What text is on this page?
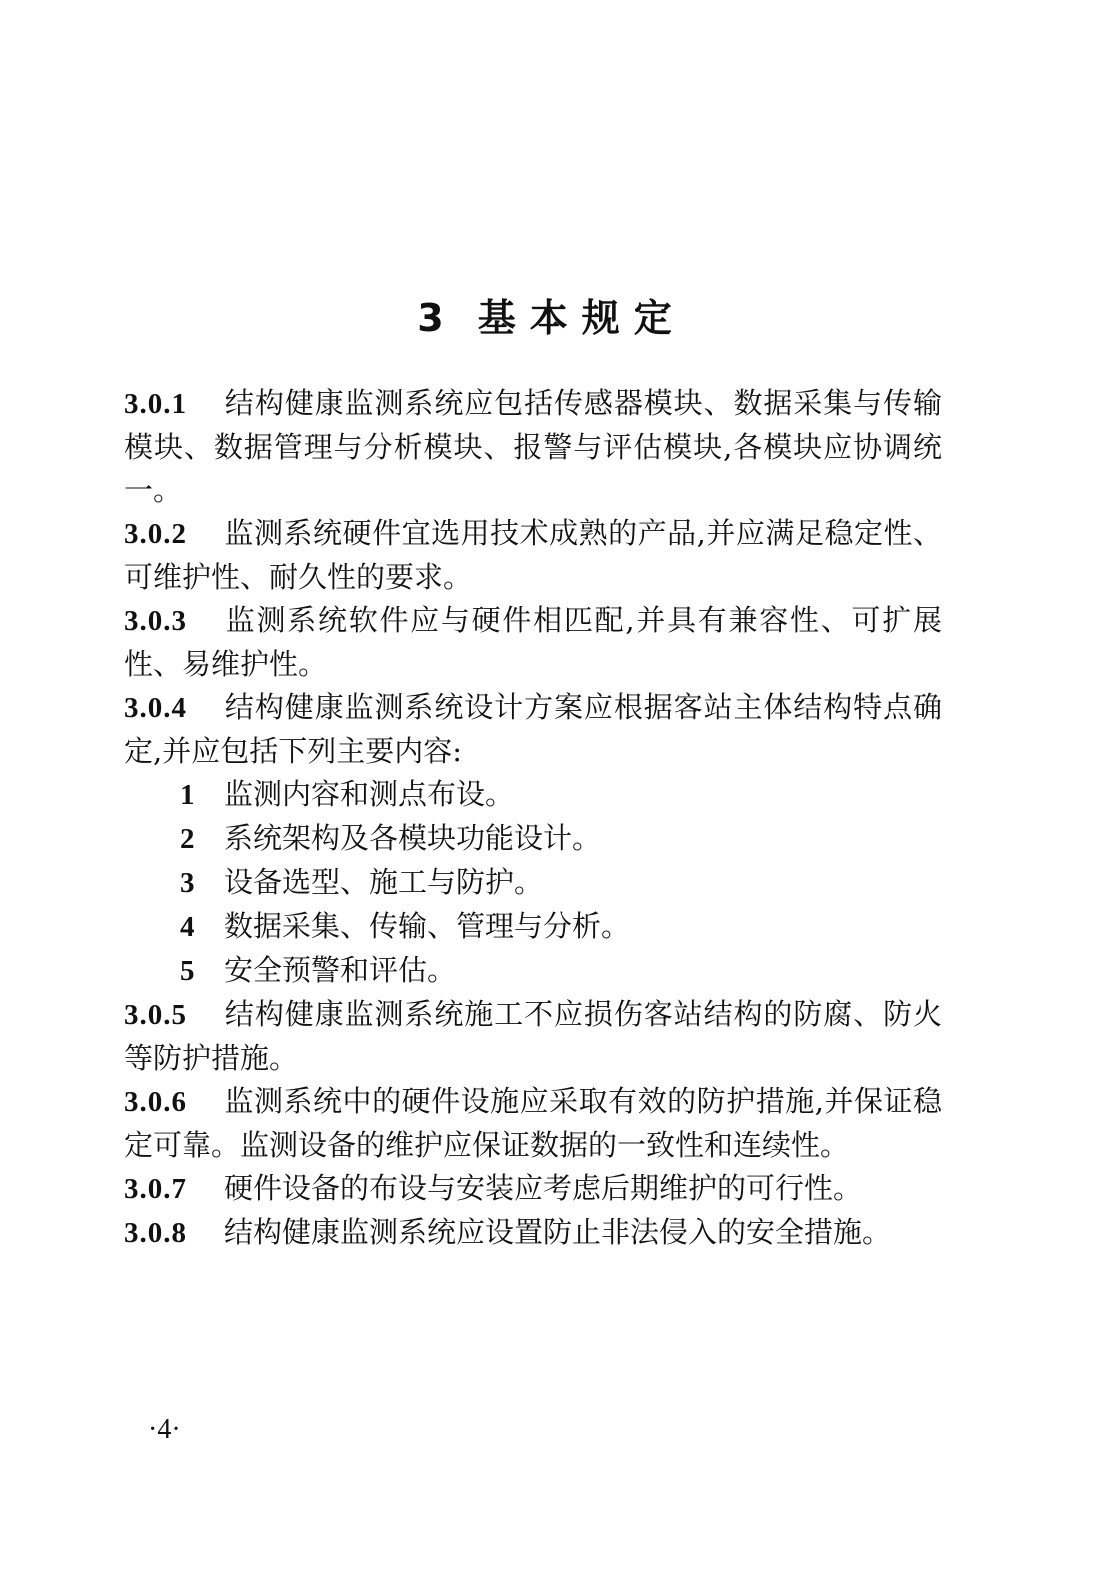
3 基本规定

3.0.1 结构健康监测系统应包括传感器模块、数据采集与传输模块、数据管理与分析模块、报警与评估模块,各模块应协调统一。

3.0.2 监测系统硬件宜选用技术成熟的产品,并应满足稳定性、可维护性、耐久性的要求。

3.0.3 监测系统软件应与硬件相匹配,并具有兼容性、可扩展性、易维护性。

3.0.4 结构健康监测系统设计方案应根据客站主体结构特点确定,并应包括下列主要内容:

1 监测内容和测点布设。

2 系统架构及各模块功能设计。

3 设备选型、施工与防护。

4 数据采集、传输、管理与分析。

5 安全预警和评估。

3.0.5 结构健康监测系统施工不应损伤客站结构的防腐、防火等防护措施。

3.0.6 监测系统中的硬件设施应采取有效的防护措施,并保证稳定可靠。监测设备的维护应保证数据的一致性和连续性。

3.0.7 硬件设备的布设与安装应考虑后期维护的可行性。

3.0.8 结构健康监测系统应设置防止非法侵入的安全措施。

·4·
